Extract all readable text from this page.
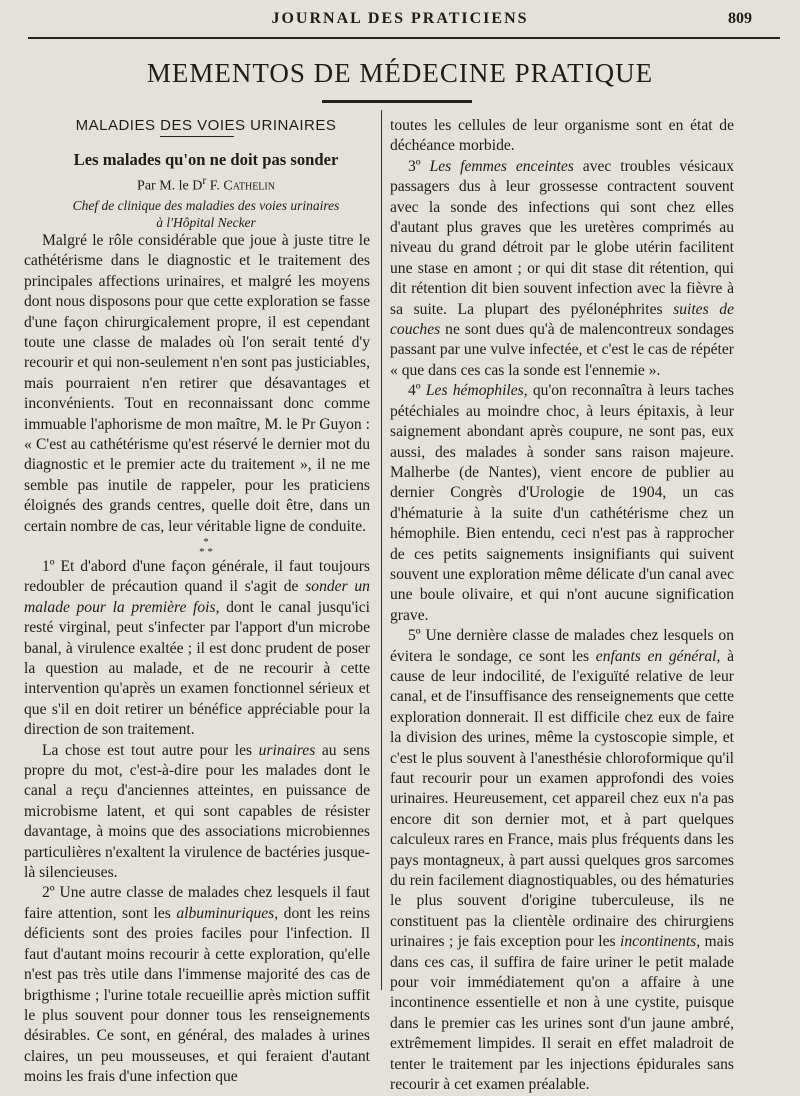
JOURNAL DES PRATICIENS	809
MEMENTOS DE MÉDECINE PRATIQUE

MALADIES DES VOIES URINAIRES

Les malades qu'on ne doit pas sonder

Par M. le $D^r$ F. Cathelin

Chef de clinique des maladies des voies urinaires

à l'Hôpital Necker

Malgré le rôle considérable que joue à juste titre le cathétérisme dans le diagnostic et le traitement des principales affections urinaires, et malgré les moyens dont nous disposons pour que cette exploration se fasse d'une façon chirurgicalement propre, il est cependant toute une classe de malades où l'on serait tenté d'y recourir et qui non-seulement n'en sont pas justiciables, mais pourraient n'en retirer que désavantages et inconvénients. Tout en reconnaissant donc comme immuable l'aphorisme de mon maître, M. le Pr Guyon : « C'est au cathétérisme qu'est réservé le dernier mot du diagnostic et le premier acte du traitement », il ne me semble pas inutile de rappeler, pour les praticiens éloignés des grands centres, quelle doit être, dans un certain nombre de cas, leur véritable ligne de conduite.

*
* *

1º Et d'abord d'une façon générale, il faut toujours redoubler de précaution quand il s'agit de sonder un malade pour la première fois, dont le canal jusqu'ici resté virginal, peut s'infecter par l'apport d'un microbe banal, à virulence exaltée ; il est donc prudent de poser la question au malade, et de ne recourir à cette intervention qu'après un examen fonctionnel sérieux et que s'il en doit retirer un bénéfice appréciable pour la direction de son traitement.

La chose est tout autre pour les urinaires au sens propre du mot, c'est-à-dire pour les malades dont le canal a reçu d'anciennes atteintes, en puissance de microbisme latent, et qui sont capables de résister davantage, à moins que des associations microbiennes particulières n'exaltent la virulence de bactéries jusque-là silencieuses.

2º Une autre classe de malades chez lesquels il faut faire attention, sont les albuminuriques, dont les reins déficients sont des proies faciles pour l'infection. Il faut d'autant moins recourir à cette exploration, qu'elle n'est pas très utile dans l'immense majorité des cas de brigthisme ; l'urine totale recueillie après miction suffit le plus souvent pour donner tous les renseignements désirables. Ce sont, en général, des malades à urines claires, un peu mousseuses, et qui feraient d'autant moins les frais d'une infection que

toutes les cellules de leur organisme sont en état de déchéance morbide.

3º Les femmes enceintes avec troubles vésicaux passagers dus à leur grossesse contractent souvent avec la sonde des infections qui sont chez elles d'autant plus graves que les uretères comprimés au niveau du grand détroit par le globe utérin facilitent une stase en amont ; or qui dit stase dit rétention, qui dit rétention dit bien souvent infection avec la fièvre à sa suite. La plupart des pyélonéphrites suites de couches ne sont dues qu'à de malencontreux sondages passant par une vulve infectée, et c'est le cas de répéter « que dans ces cas la sonde est l'ennemie ».

4º Les hémophiles, qu'on reconnaîtra à leurs taches pétéchiales au moindre choc, à leurs épitaxis, à leur saignement abondant après coupure, ne sont pas, eux aussi, des malades à sonder sans raison majeure. Malherbe (de Nantes), vient encore de publier au dernier Congrès d'Urologie de 1904, un cas d'hématurie à la suite d'un cathétérisme chez un hémophile. Bien entendu, ceci n'est pas à rapprocher de ces petits saignements insignifiants qui suivent souvent une exploration même délicate d'un canal avec une boule olivaire, et qui n'ont aucune signification grave.

5º Une dernière classe de malades chez lesquels on évitera le sondage, ce sont les enfants en général, à cause de leur indocilité, de l'exiguïté relative de leur canal, et de l'insuffisance des renseignements que cette exploration donnerait. Il est difficile chez eux de faire la division des urines, même la cystoscopie simple, et c'est le plus souvent à l'anesthésie chloroformique qu'il faut recourir pour un examen approfondi des voies urinaires. Heureusement, cet appareil chez eux n'a pas encore dit son dernier mot, et à part quelques calculeux rares en France, mais plus fréquents dans les pays montagneux, à part aussi quelques gros sarcomes du rein facilement diagnostiquables, ou des hématuries le plus souvent d'origine tuberculeuse, ils ne constituent pas la clientèle ordinaire des chirurgiens urinaires ; je fais exception pour les incontinents, mais dans ces cas, il suffira de faire uriner le petit malade pour voir immédiatement qu'on a affaire à une incontinence essentielle et non à une cystite, puisque dans le premier cas les urines sont d'un jaune ambré, extrêmement limpides. Il serait en effet maladroit de tenter le traitement par les injections épidurales sans recourir à cet examen préalable.
